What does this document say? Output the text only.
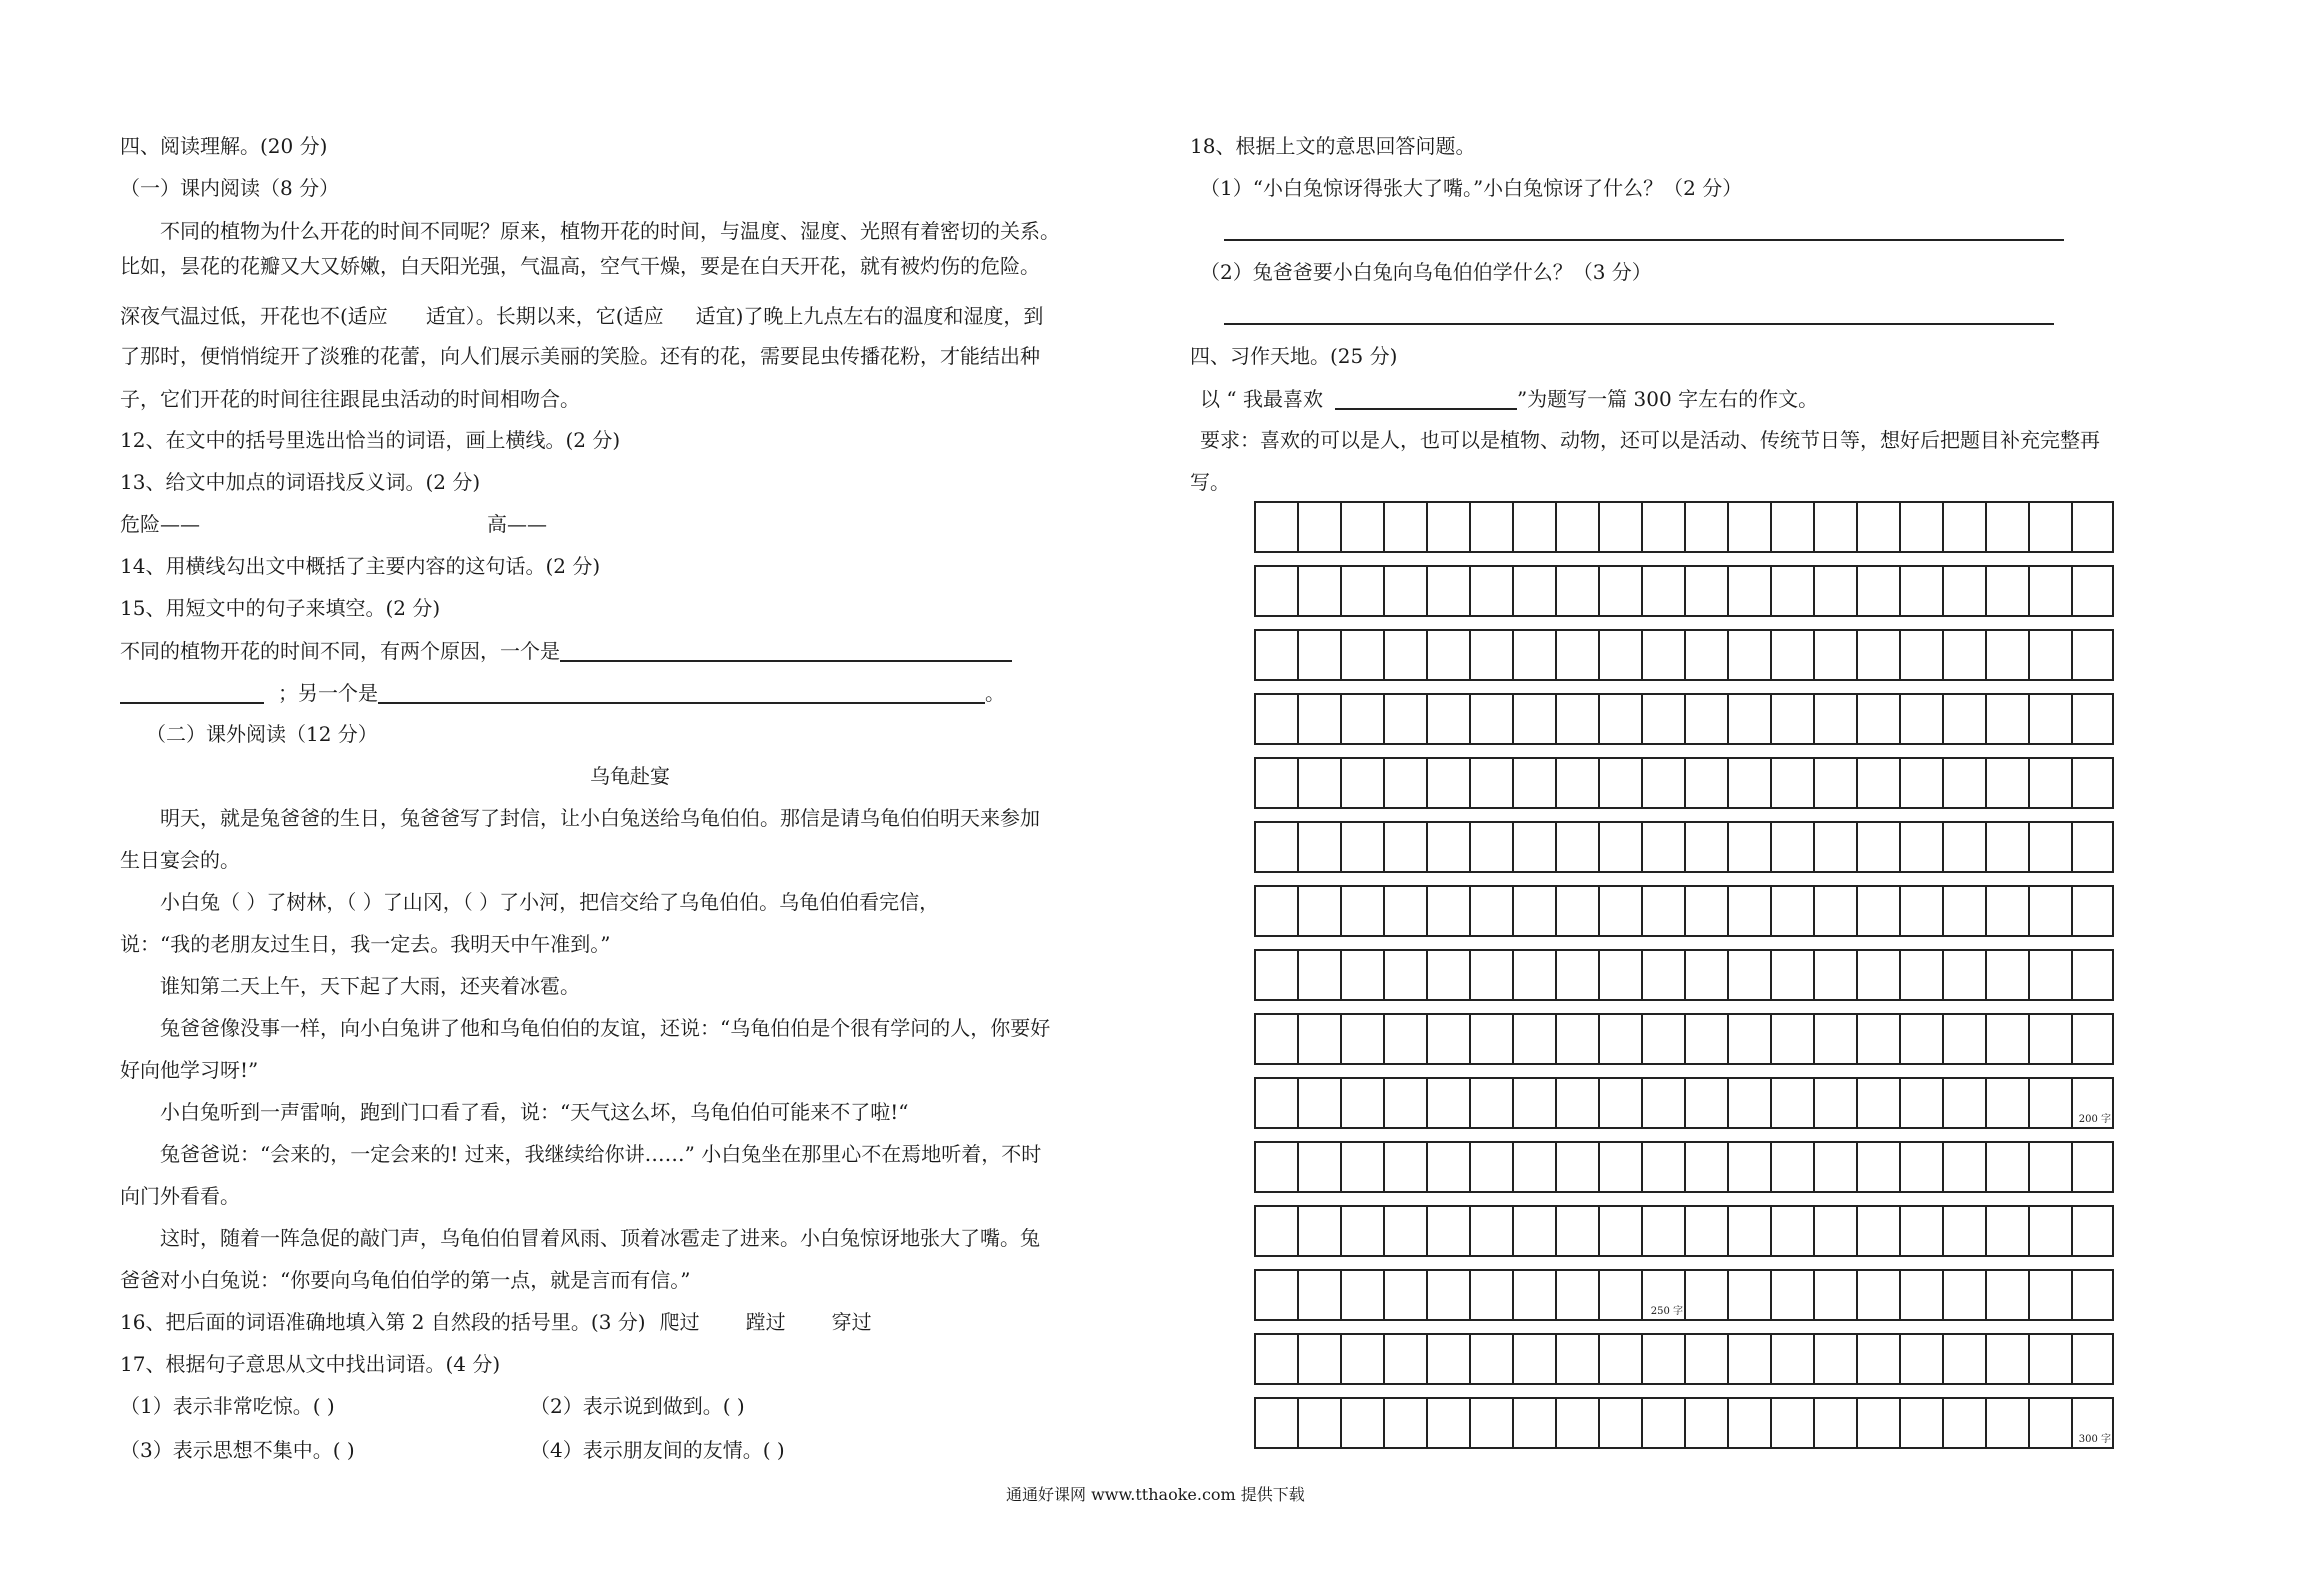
四、阅读理解。(20 分)
（一）课内阅读（8 分）
不同的植物为什么开花的时间不同呢？原来，植物开花的时间，与温度、湿度、光照有着密切的关系。
比如，昙花的花瓣又大又娇嫩，白天阳光强，气温高，空气干燥，要是在白天开花，就有被灼伤的危险。
深夜气温过低，开花也不(适应 适宜）。长期以来，它(适应 适宜)了晚上九点左右的温度和湿度，到
了那时，便悄悄绽开了淡雅的花蕾，向人们展示美丽的笑脸。还有的花，需要昆虫传播花粉，才能结出种
子，它们开花的时间往往跟昆虫活动的时间相吻合。
12、在文中的括号里选出恰当的词语，画上横线。(2 分)
13、给文中加点的词语找反义词。(2 分)
危险——	高——
14、用横线勾出文中概括了主要内容的这句话。(2 分)
15、用短文中的句子来填空。(2 分)
不同的植物开花的时间不同，有两个原因，一个是
；另一个是	。
（二）课外阅读（12 分）
乌龟赴宴
明天，就是兔爸爸的生日，兔爸爸写了封信，让小白兔送给乌龟伯伯。那信是请乌龟伯伯明天来参加
生日宴会的。
小白兔（ ）了树林，（ ）了山冈，（ ）了小河，把信交给了乌龟伯伯。乌龟伯伯看完信，
说：“我的老朋友过生日，我一定去。我明天中午准到。”
谁知第二天上午，天下起了大雨，还夹着冰雹。
兔爸爸像没事一样，向小白兔讲了他和乌龟伯伯的友谊，还说：“乌龟伯伯是个很有学问的人，你要好
好向他学习呀!”
小白兔听到一声雷响，跑到门口看了看，说：“天气这么坏，乌龟伯伯可能来不了啦!“
兔爸爸说：“会来的，一定会来的! 过来，我继续给你讲……” 小白兔坐在那里心不在焉地听着，不时
向门外看看。
这时，随着一阵急促的敲门声，乌龟伯伯冒着风雨、顶着冰雹走了进来。小白兔惊讶地张大了嘴。兔
爸爸对小白兔说：“你要向乌龟伯伯学的第一点，就是言而有信。”
16、把后面的词语准确地填入第 2 自然段的括号里。(3 分) 爬过 蹚过 穿过
17、根据句子意思从文中找出词语。(4 分)
（1）表示非常吃惊。( )	（2）表示说到做到。( )
（3）表示思想不集中。( )	（4）表示朋友间的友情。( )
18、根据上文的意思回答问题。
（1）“小白兔惊讶得张大了嘴。”小白兔惊讶了什么？（2 分）
（2）兔爸爸要小白兔向乌龟伯伯学什么？（3 分）
四、习作天地。(25 分)
以 “ 我最喜欢	”为题写一篇 300 字左右的作文。
要求：喜欢的可以是人，也可以是植物、动物，还可以是活动、传统节日等，想好后把题目补充完整再
写。
200 字
250 字
300 字
通通好课网 www.tthaoke.com 提供下载
